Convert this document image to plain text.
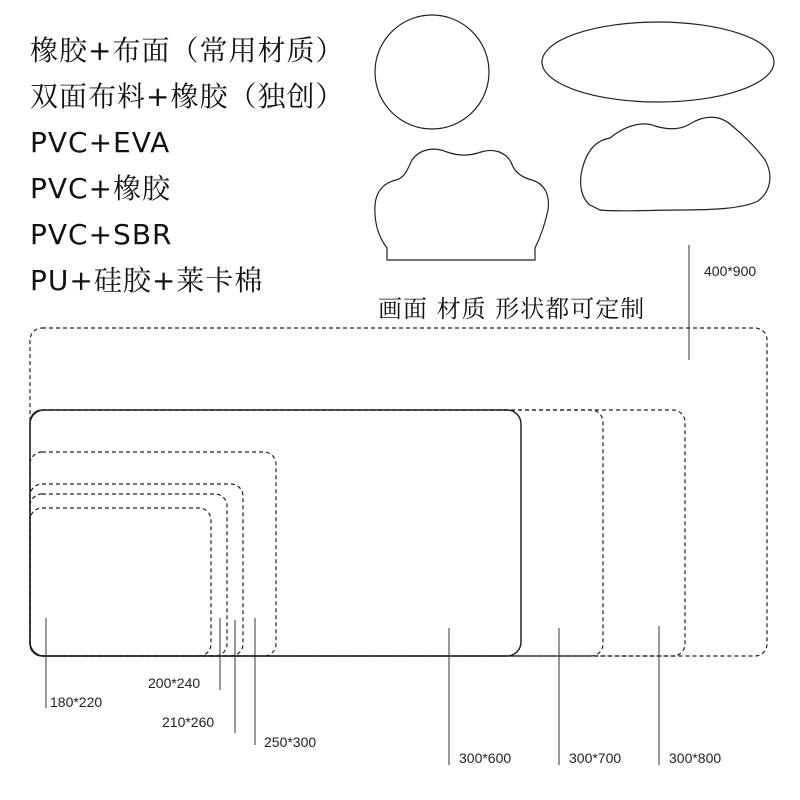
橡胶+布面（常用材质）
双面布料+橡胶（独创）
PVC+EVA
PVC+橡胶
PVC+SBR
PU+硅胶+莱卡棉
画面 材质 形状都可定制
400*900
300*800
300*700
300*600
250*300
210*260
200*240
180*220
